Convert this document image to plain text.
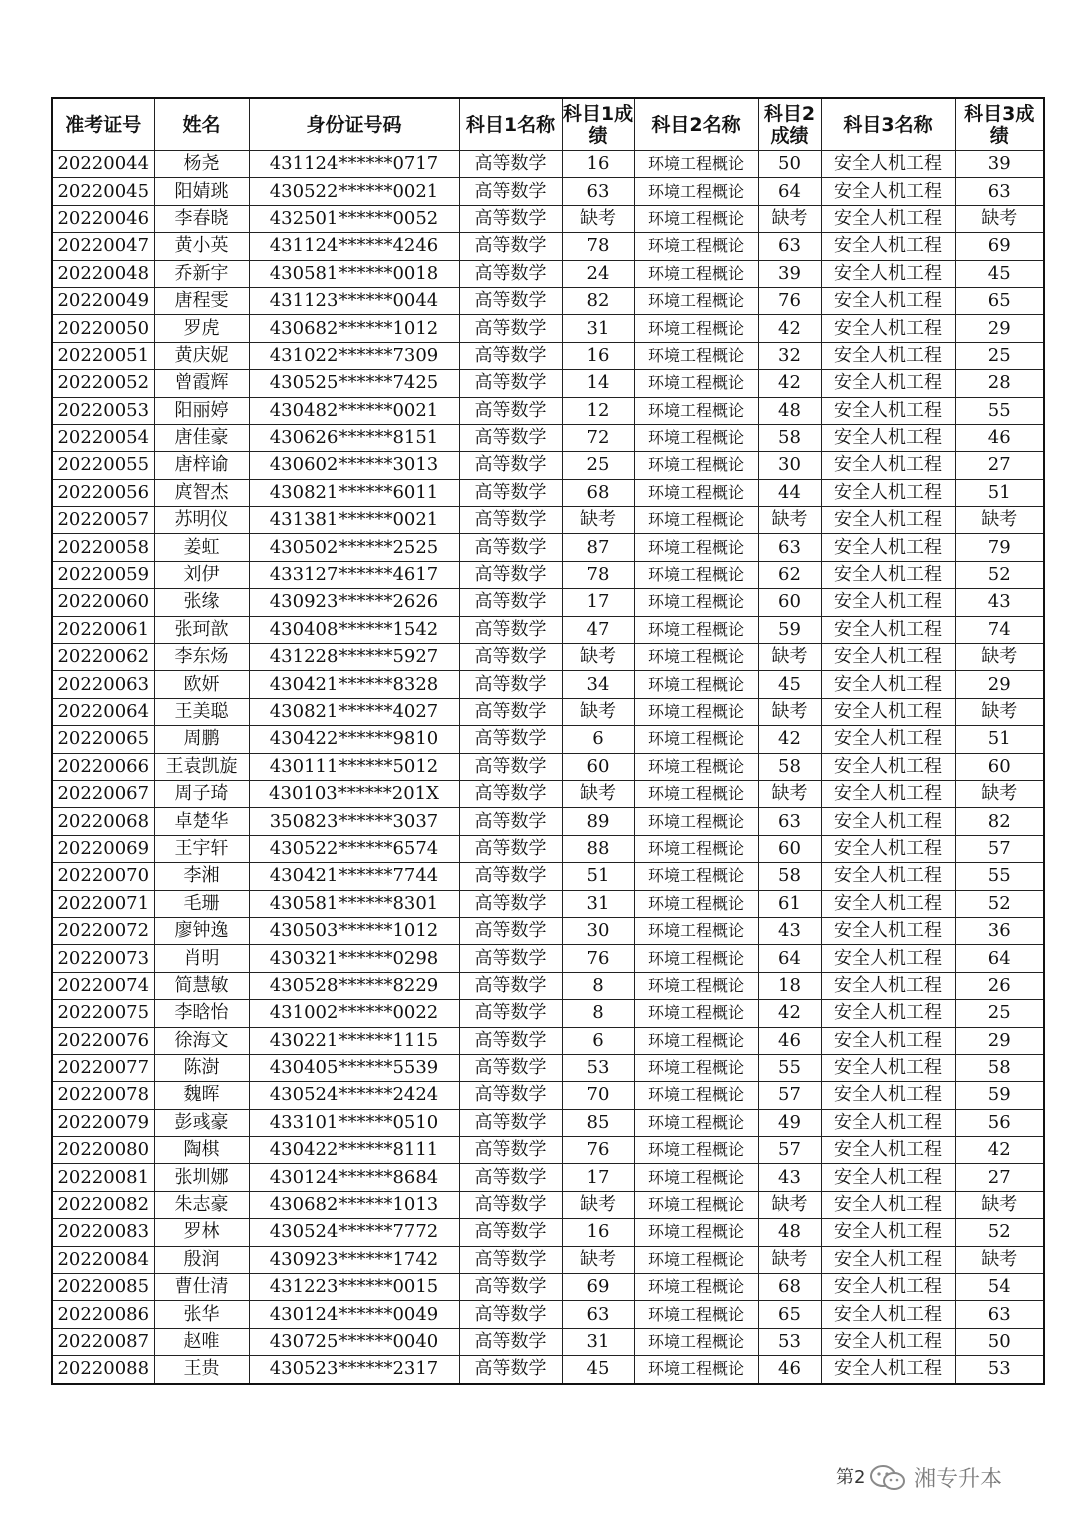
准考证号	姓名	身份证号码	科目1名称	科目1成绩	科目2名称	科目2成绩	科目3名称	科目3成绩
20220044	杨尧	431124******0717	高等数学	16	环境工程概论	50	安全人机工程	39
20220045	阳婧珧	430522******0021	高等数学	63	环境工程概论	64	安全人机工程	63
20220046	李春晓	432501******0052	高等数学	缺考	环境工程概论	缺考	安全人机工程	缺考
20220047	黄小英	431124******4246	高等数学	78	环境工程概论	63	安全人机工程	69
20220048	乔新宇	430581******0018	高等数学	24	环境工程概论	39	安全人机工程	45
20220049	唐程雯	431123******0044	高等数学	82	环境工程概论	76	安全人机工程	65
20220050	罗虎	430682******1012	高等数学	31	环境工程概论	42	安全人机工程	29
20220051	黄庆妮	431022******7309	高等数学	16	环境工程概论	32	安全人机工程	25
20220052	曾霞辉	430525******7425	高等数学	14	环境工程概论	42	安全人机工程	28
20220053	阳丽婷	430482******0021	高等数学	12	环境工程概论	48	安全人机工程	55
20220054	唐佳豪	430626******8151	高等数学	72	环境工程概论	58	安全人机工程	46
20220055	唐梓谕	430602******3013	高等数学	25	环境工程概论	30	安全人机工程	27
20220056	庹智杰	430821******6011	高等数学	68	环境工程概论	44	安全人机工程	51
20220057	苏明仪	431381******0021	高等数学	缺考	环境工程概论	缺考	安全人机工程	缺考
20220058	姜虹	430502******2525	高等数学	87	环境工程概论	63	安全人机工程	79
20220059	刘伊	433127******4617	高等数学	78	环境工程概论	62	安全人机工程	52
20220060	张缘	430923******2626	高等数学	17	环境工程概论	60	安全人机工程	43
20220061	张珂歆	430408******1542	高等数学	47	环境工程概论	59	安全人机工程	74
20220062	李东炀	431228******5927	高等数学	缺考	环境工程概论	缺考	安全人机工程	缺考
20220063	欧妍	430421******8328	高等数学	34	环境工程概论	45	安全人机工程	29
20220064	王美聪	430821******4027	高等数学	缺考	环境工程概论	缺考	安全人机工程	缺考
20220065	周鹏	430422******9810	高等数学	6	环境工程概论	42	安全人机工程	51
20220066	王袁凯旋	430111******5012	高等数学	60	环境工程概论	58	安全人机工程	60
20220067	周子琦	430103******201X	高等数学	缺考	环境工程概论	缺考	安全人机工程	缺考
20220068	卓楚华	350823******3037	高等数学	89	环境工程概论	63	安全人机工程	82
20220069	王宇轩	430522******6574	高等数学	88	环境工程概论	60	安全人机工程	57
20220070	李湘	430421******7744	高等数学	51	环境工程概论	58	安全人机工程	55
20220071	毛珊	430581******8301	高等数学	31	环境工程概论	61	安全人机工程	52
20220072	廖钟逸	430503******1012	高等数学	30	环境工程概论	43	安全人机工程	36
20220073	肖明	430321******0298	高等数学	76	环境工程概论	64	安全人机工程	64
20220074	简慧敏	430528******8229	高等数学	8	环境工程概论	18	安全人机工程	26
20220075	李晗怡	431002******0022	高等数学	8	环境工程概论	42	安全人机工程	25
20220076	徐海文	430221******1115	高等数学	6	环境工程概论	46	安全人机工程	29
20220077	陈澍	430405******5539	高等数学	53	环境工程概论	55	安全人机工程	58
20220078	魏晖	430524******2424	高等数学	70	环境工程概论	57	安全人机工程	59
20220079	彭彧豪	433101******0510	高等数学	85	环境工程概论	49	安全人机工程	56
20220080	陶棋	430422******8111	高等数学	76	环境工程概论	57	安全人机工程	42
20220081	张圳娜	430124******8684	高等数学	17	环境工程概论	43	安全人机工程	27
20220082	朱志豪	430682******1013	高等数学	缺考	环境工程概论	缺考	安全人机工程	缺考
20220083	罗林	430524******7772	高等数学	16	环境工程概论	48	安全人机工程	52
20220084	殷润	430923******1742	高等数学	缺考	环境工程概论	缺考	安全人机工程	缺考
20220085	曹仕清	431223******0015	高等数学	69	环境工程概论	68	安全人机工程	54
20220086	张华	430124******0049	高等数学	63	环境工程概论	65	安全人机工程	63
20220087	赵唯	430725******0040	高等数学	31	环境工程概论	53	安全人机工程	50
20220088	王贵	430523******2317	高等数学	45	环境工程概论	46	安全人机工程	53
第2 湘专升本
